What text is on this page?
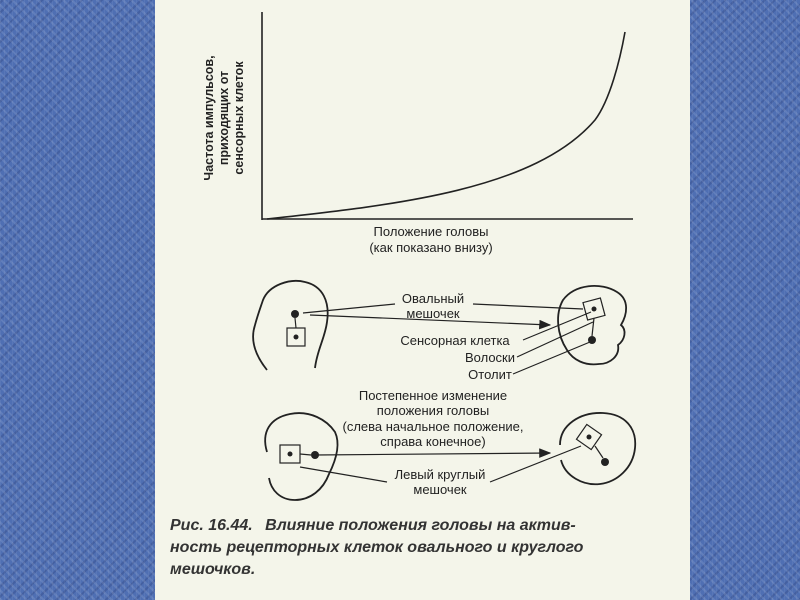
Частота импульсов, приходящих от сенсорных клеток
Положение головы
(как показано внизу)
Овальный
мешочек
Сенсорная клетка
Волоски
Отолит
Постепенное изменение
положения головы
(слева начальное положение,
справа конечное)
Левый круглый
мешочек
Рис. 16.44. Влияние положения головы на актив-
ность рецепторных клеток овального и круглого
мешочков.
